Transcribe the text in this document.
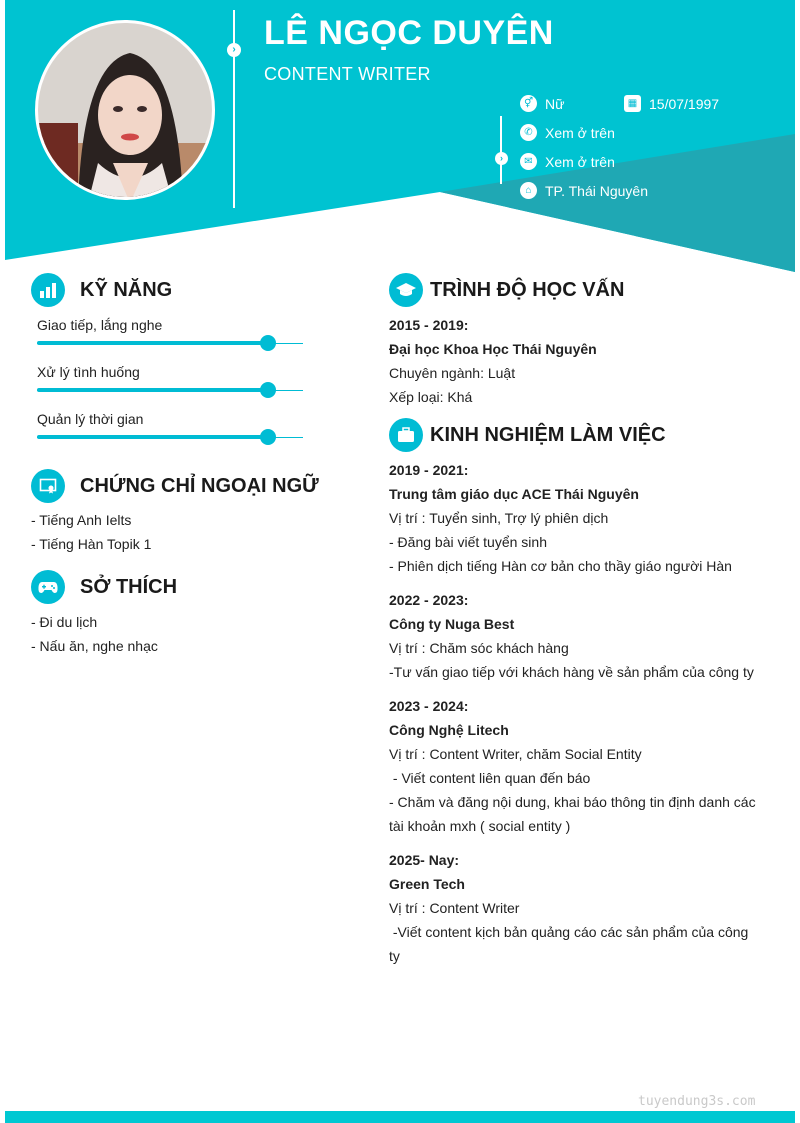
› LÊ NGỌC DUYÊN
CONTENT WRITER
›
⚥ Nữ	▦ 15/07/1997
✆ Xem ở trên
✉ Xem ở trên
⌂ TP. Thái Nguyên
KỸ NĂNG
Giao tiếp, lắng nghe
Xử lý tình huống
Quản lý thời gian
CHỨNG CHỈ NGOẠI NGỮ
- Tiếng Anh Ielts
- Tiếng Hàn Topik 1
SỞ THÍCH
- Đi du lịch
- Nấu ăn, nghe nhạc
TRÌNH ĐỘ HỌC VẤN
2015 - 2019:
Đại học Khoa Học Thái Nguyên
Chuyên ngành: Luật
Xếp loại: Khá
KINH NGHIỆM LÀM VIỆC
2019 - 2021:
Trung tâm giáo dục ACE Thái Nguyên
Vị trí : Tuyển sinh, Trợ lý phiên dịch
- Đăng bài viết tuyển sinh
- Phiên dịch tiếng Hàn cơ bản cho thầy giáo người Hàn
2022 - 2023:
Công ty Nuga Best
Vị trí : Chăm sóc khách hàng
-Tư vấn giao tiếp với khách hàng về sản phẩm của công ty
2023 - 2024:
Công Nghệ Litech
Vị trí : Content Writer, chăm Social Entity
- Viết content liên quan đến báo
- Chăm và đăng nội dung, khai báo thông tin định danh các
tài khoản mxh ( social entity )
2025- Nay:
Green Tech
Vị trí : Content Writer
-Viết content kịch bản quảng cáo các sản phẩm của công
ty
tuyendung3s.com
